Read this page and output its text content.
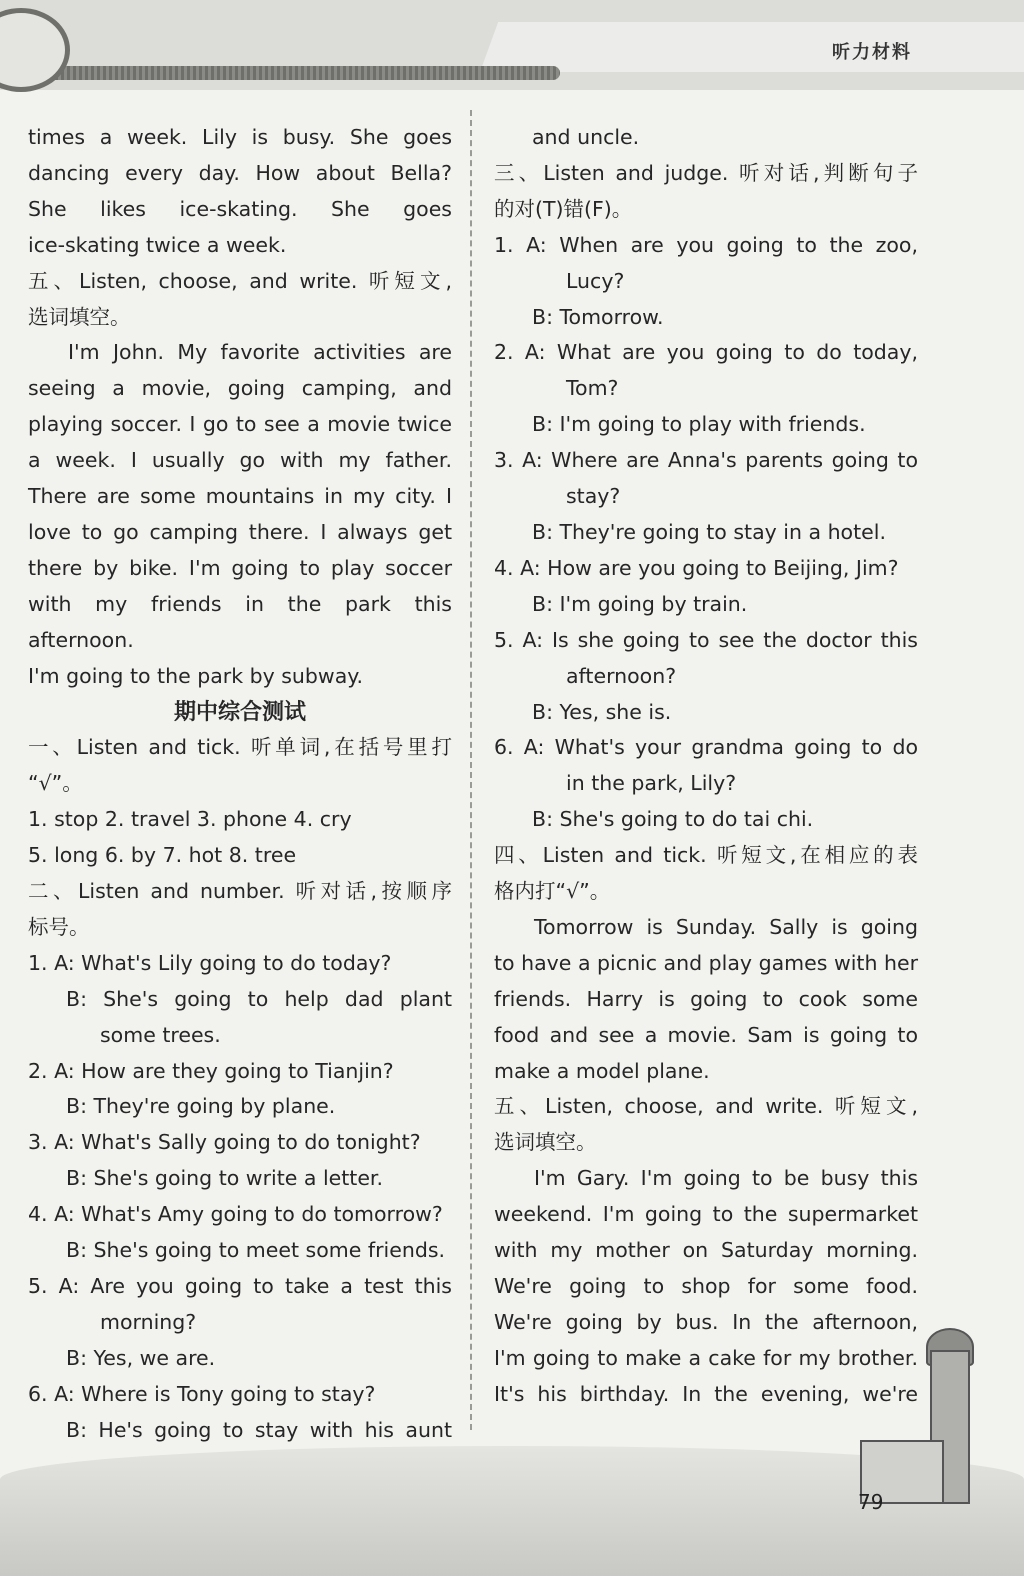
听力材料
times a week. Lily is busy. She goes
dancing every day. How about Bella?
She likes ice-skating. She goes
ice-skating twice a week.
五、Listen, choose, and write. 听短文,
选词填空。
I'm John. My favorite activities are
seeing a movie, going camping, and
playing soccer. I go to see a movie twice
a week. I usually go with my father.
There are some mountains in my city. I
love to go camping there. I always get
there by bike. I'm going to play soccer
with my friends in the park this afternoon.
I'm going to the park by subway.
期中综合测试
一、Listen and tick. 听单词,在括号里打
“√”。
1. stop 2. travel 3. phone 4. cry
5. long 6. by 7. hot 8. tree
二、Listen and number. 听对话,按顺序
标号。
1. A: What's Lily going to do today?
B: She's going to help dad plant
some trees.
2. A: How are they going to Tianjin?
B: They're going by plane.
3. A: What's Sally going to do tonight?
B: She's going to write a letter.
4. A: What's Amy going to do tomorrow?
B: She's going to meet some friends.
5. A: Are you going to take a test this
morning?
B: Yes, we are.
6. A: Where is Tony going to stay?
B: He's going to stay with his aunt
and uncle.
三、Listen and judge. 听对话,判断句子
的对(T)错(F)。
1. A: When are you going to the zoo,
Lucy?
B: Tomorrow.
2. A: What are you going to do today,
Tom?
B: I'm going to play with friends.
3. A: Where are Anna's parents going to
stay?
B: They're going to stay in a hotel.
4. A: How are you going to Beijing, Jim?
B: I'm going by train.
5. A: Is she going to see the doctor this
afternoon?
B: Yes, she is.
6. A: What's your grandma going to do
in the park, Lily?
B: She's going to do tai chi.
四、Listen and tick. 听短文,在相应的表
格内打“√”。
Tomorrow is Sunday. Sally is going
to have a picnic and play games with her
friends. Harry is going to cook some
food and see a movie. Sam is going to
make a model plane.
五、Listen, choose, and write. 听短文,
选词填空。
I'm Gary. I'm going to be busy this
weekend. I'm going to the supermarket
with my mother on Saturday morning.
We're going to shop for some food.
We're going by bus. In the afternoon,
I'm going to make a cake for my brother.
It's his birthday. In the evening, we're
79
